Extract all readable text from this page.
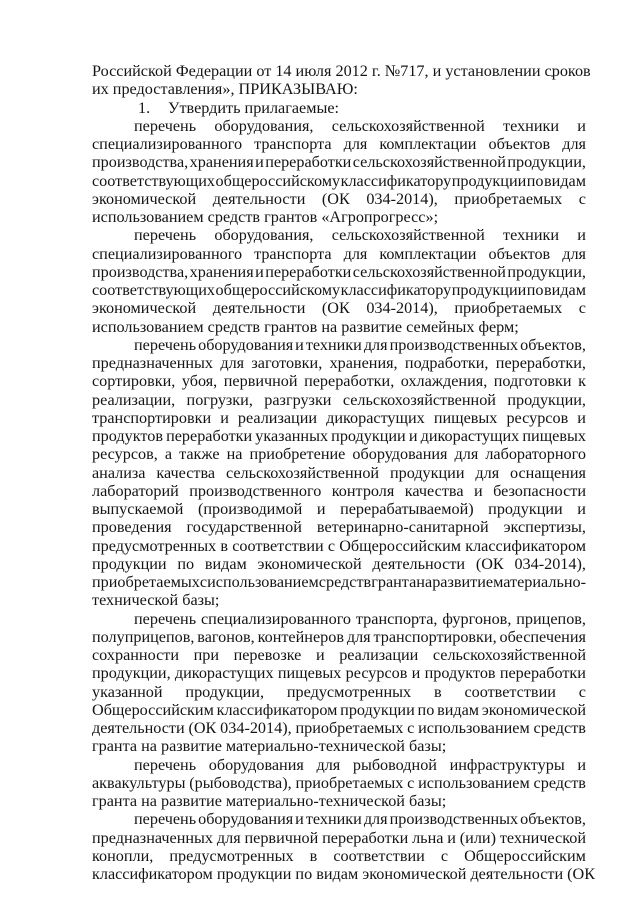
Российской Федерации от 14 июля 2012 г. №717, и установлении сроков
их предоставления», ПРИКАЗЫВАЮ:
1. Утвердить прилагаемые:
перечень оборудования, сельскохозяйственной техники и
специализированного транспорта для комплектации объектов для
производства, хранения и переработки сельскохозяйственной продукции,
соответствующих общероссийскому классификатору продукции по видам
экономической деятельности (ОК 034-2014), приобретаемых с
использованием средств грантов «Агропрогресс»;
перечень оборудования, сельскохозяйственной техники и
специализированного транспорта для комплектации объектов для
производства, хранения и переработки сельскохозяйственной продукции,
соответствующих общероссийскому классификатору продукции по видам
экономической деятельности (ОК 034-2014), приобретаемых с
использованием средств грантов на развитие семейных ферм;
перечень оборудования и техники для производственных объектов,
предназначенных для заготовки, хранения, подработки, переработки,
сортировки, убоя, первичной переработки, охлаждения, подготовки к
реализации, погрузки, разгрузки сельскохозяйственной продукции,
транспортировки и реализации дикорастущих пищевых ресурсов и
продуктов переработки указанных продукции и дикорастущих пищевых
ресурсов, а также на приобретение оборудования для лабораторного
анализа качества сельскохозяйственной продукции для оснащения
лабораторий производственного контроля качества и безопасности
выпускаемой (производимой и перерабатываемой) продукции и
проведения государственной ветеринарно-санитарной экспертизы,
предусмотренных в соответствии с Общероссийским классификатором
продукции по видам экономической деятельности (ОК 034-2014),
приобретаемых с использованием средств гранта на развитие материально-
технической базы;
перечень специализированного транспорта, фургонов, прицепов,
полуприцепов, вагонов, контейнеров для транспортировки, обеспечения
сохранности при перевозке и реализации сельскохозяйственной
продукции, дикорастущих пищевых ресурсов и продуктов переработки
указанной продукции, предусмотренных в соответствии с
Общероссийским классификатором продукции по видам экономической
деятельности (ОК 034-2014), приобретаемых с использованием средств
гранта на развитие материально-технической базы;
перечень оборудования для рыбоводной инфраструктуры и
аквакультуры (рыбоводства), приобретаемых с использованием средств
гранта на развитие материально-технической базы;
перечень оборудования и техники для производственных объектов,
предназначенных для первичной переработки льна и (или) технической
конопли, предусмотренных в соответствии с Общероссийским
классификатором продукции по видам экономической деятельности (ОК
